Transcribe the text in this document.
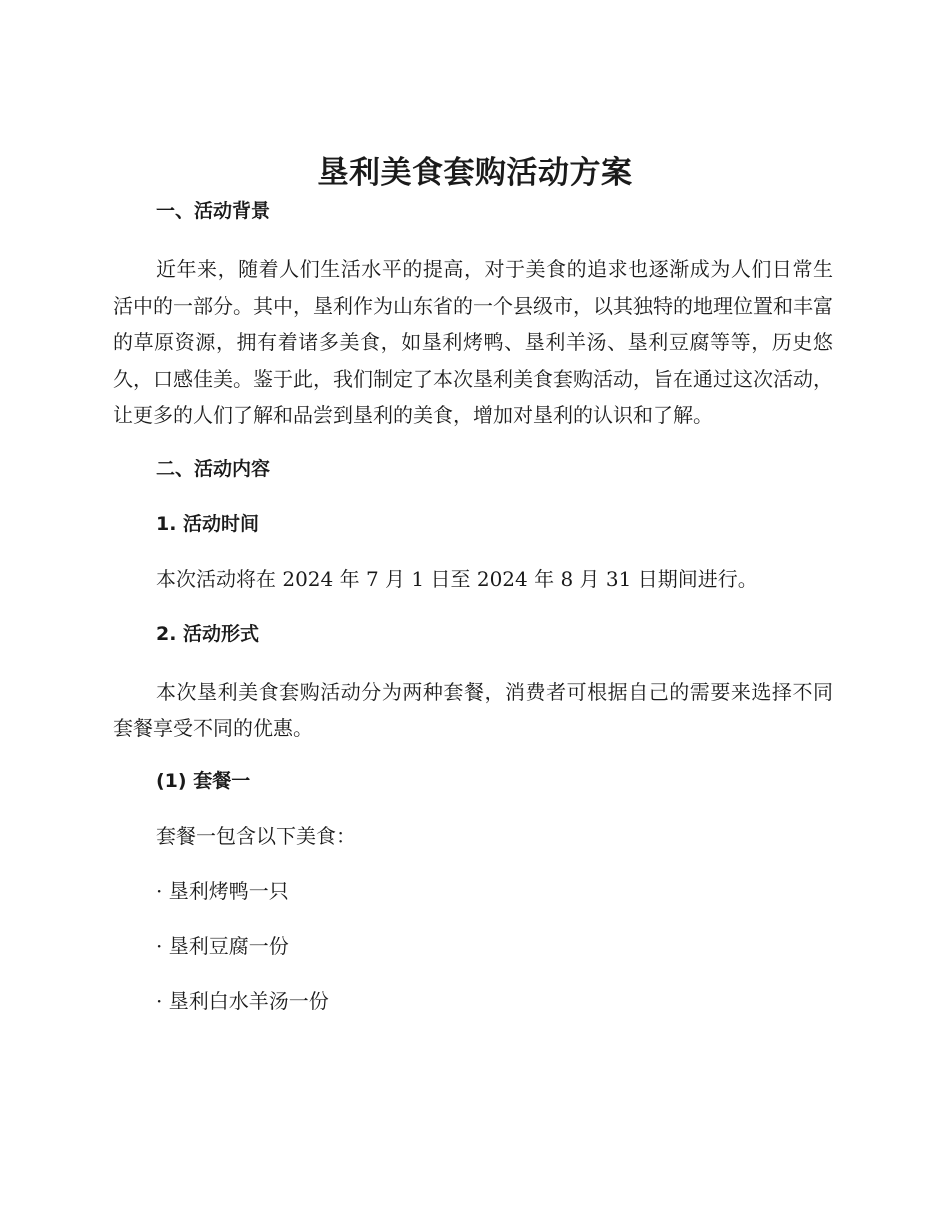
垦利美食套购活动方案
一、活动背景

近年来，随着人们生活水平的提高，对于美食的追求也逐渐成为人们日常生活中的一部分。其中，垦利作为山东省的一个县级市，以其独特的地理位置和丰富的草原资源，拥有着诸多美食，如垦利烤鸭、垦利羊汤、垦利豆腐等等，历史悠久，口感佳美。鉴于此，我们制定了本次垦利美食套购活动，旨在通过这次活动，让更多的人们了解和品尝到垦利的美食，增加对垦利的认识和了解。

二、活动内容
1. 活动时间

本次活动将在 2024 年 7 月 1 日至 2024 年 8 月 31 日期间进行。

2. 活动形式

本次垦利美食套购活动分为两种套餐，消费者可根据自己的需要来选择不同套餐享受不同的优惠。

(1) 套餐一

套餐一包含以下美食：

· 垦利烤鸭一只
· 垦利豆腐一份
· 垦利白水羊汤一份
